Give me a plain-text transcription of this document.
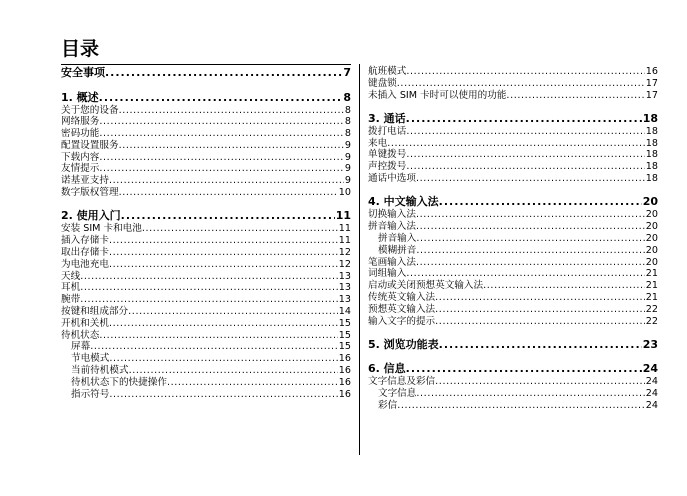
目录
安全事项 .....	7
1. 概述 .....	8
关于您的设备 .....	8
网络服务 .....	8
密码功能 .....	8
配置设置服务 .....	9
下载内容 .....	9
友情提示 .....	9
诺基亚支持 .....	9
数字版权管理 .....	10
2. 使用入门 .....	11
安装 SIM 卡和电池 .....	11
插入存储卡 .....	11
取出存储卡 .....	12
为电池充电 .....	12
天线 .....	13
耳机 .....	13
腕带 .....	13
按键和组成部分 .....	14
开机和关机 .....	15
待机状态 .....	15
屏幕 .....	15
节电模式 .....	16
当前待机模式 .....	16
待机状态下的快捷操作 .....	16
指示符号 .....	16
航班模式 .....	16
键盘锁 .....	17
未插入 SIM 卡时可以使用的功能 .....	17
3. 通话 .....	18
拨打电话 .....	18
来电 .....	18
单键拨号 .....	18
声控拨号 .....	18
通话中选项 .....	18
4. 中文输入法 .....	20
切换输入法 .....	20
拼音输入法 .....	20
拼音输入 .....	20
模糊拼音 .....	20
笔画输入法 .....	20
词组输入 .....	21
启动或关闭预想英文输入法 .....	21
传统英文输入法 .....	21
预想英文输入法 .....	22
输入文字的提示 .....	22
5. 浏览功能表 .....	23
6. 信息 .....	24
文字信息及彩信 .....	24
文字信息 .....	24
彩信 .....	24
